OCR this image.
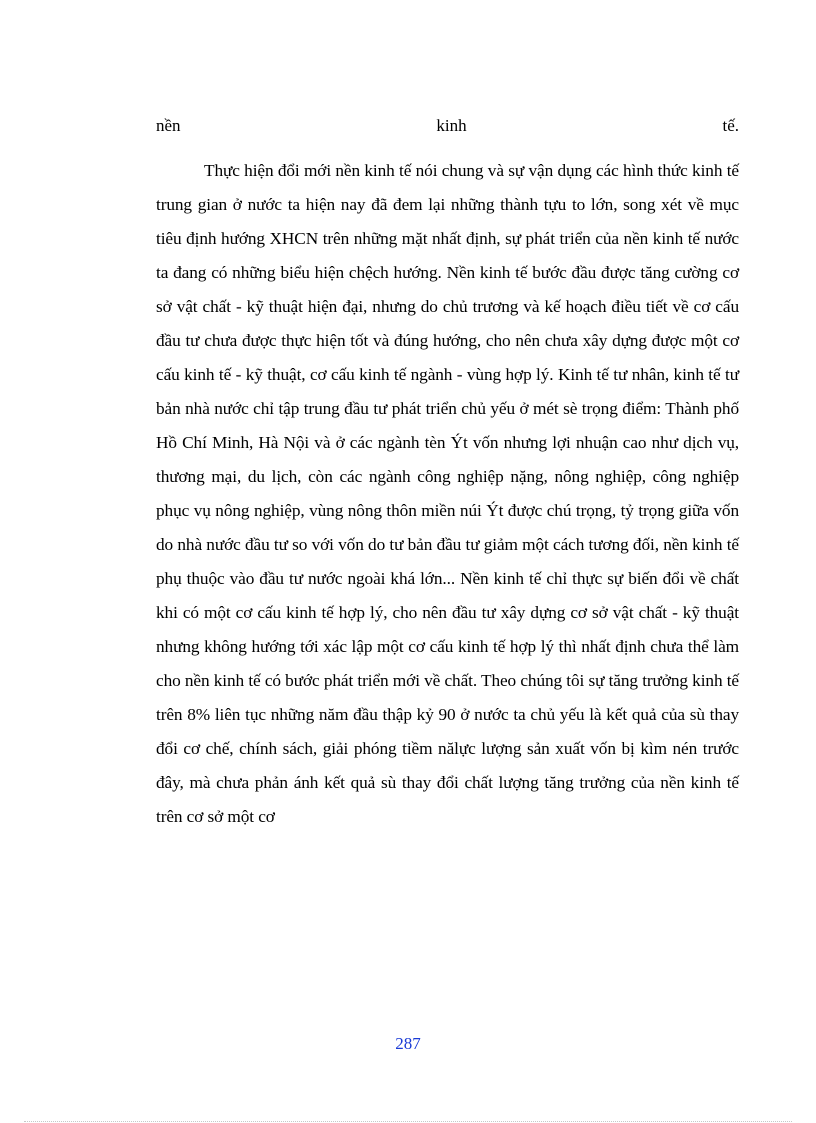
nền	kinh	tế.

Thực hiện đổi mới nền kinh tế nói chung và sự vận dụng các hình thức kinh tế trung gian ở nước ta hiện nay đã đem lại những thành tựu to lớn, song xét về mục tiêu định hướng XHCN trên những mặt nhất định, sự phát triển của nền kinh tế nước ta đang có những biểu hiện chệch hướng. Nền kinh tế bước đầu được tăng cường cơ sở vật chất - kỹ thuật hiện đại, nhưng do chủ trương và kế hoạch điều tiết về cơ cấu đầu tư chưa được thực hiện tốt và đúng hướng, cho nên chưa xây dựng được một cơ cấu kinh tế - kỹ thuật, cơ cấu kinh tế ngành - vùng hợp lý. Kinh tế tư nhân, kinh tế tư bản nhà nước chỉ tập trung đầu tư phát triển chủ yếu ở mét sè trọng điểm: Thành phố Hồ Chí Minh, Hà Nội và ở các ngành tèn Ýt vốn nhưng lợi nhuận cao như dịch vụ, thương mại, du lịch, còn các ngành công nghiệp nặng, nông nghiệp, công nghiệp phục vụ nông nghiệp, vùng nông thôn miền núi Ýt được chú trọng, tỷ trọng giữa vốn do nhà nước đầu tư so với vốn do tư bản đầu tư giảm một cách tương đối, nền kinh tế phụ thuộc vào đầu tư nước ngoài khá lớn... Nền kinh tế chỉ thực sự biến đổi về chất khi có một cơ cấu kinh tế hợp lý, cho nên đầu tư xây dựng cơ sở vật chất - kỹ thuật nhưng không hướng tới xác lập một cơ cấu kinh tế hợp lý thì nhất định chưa thể làm cho nền kinh tế có bước phát triển mới về chất. Theo chúng tôi sự tăng trưởng kinh tế trên 8% liên tục những năm đầu thập kỷ 90 ở nước ta chủ yếu là kết quả của sù thay đổi cơ chế, chính sách, giải phóng tiềm nălực lượng sản xuất vốn bị kìm nén trước đây, mà chưa phản ánh kết quả sù thay đổi chất lượng tăng trưởng của nền kinh tế trên cơ sở một cơ

287
